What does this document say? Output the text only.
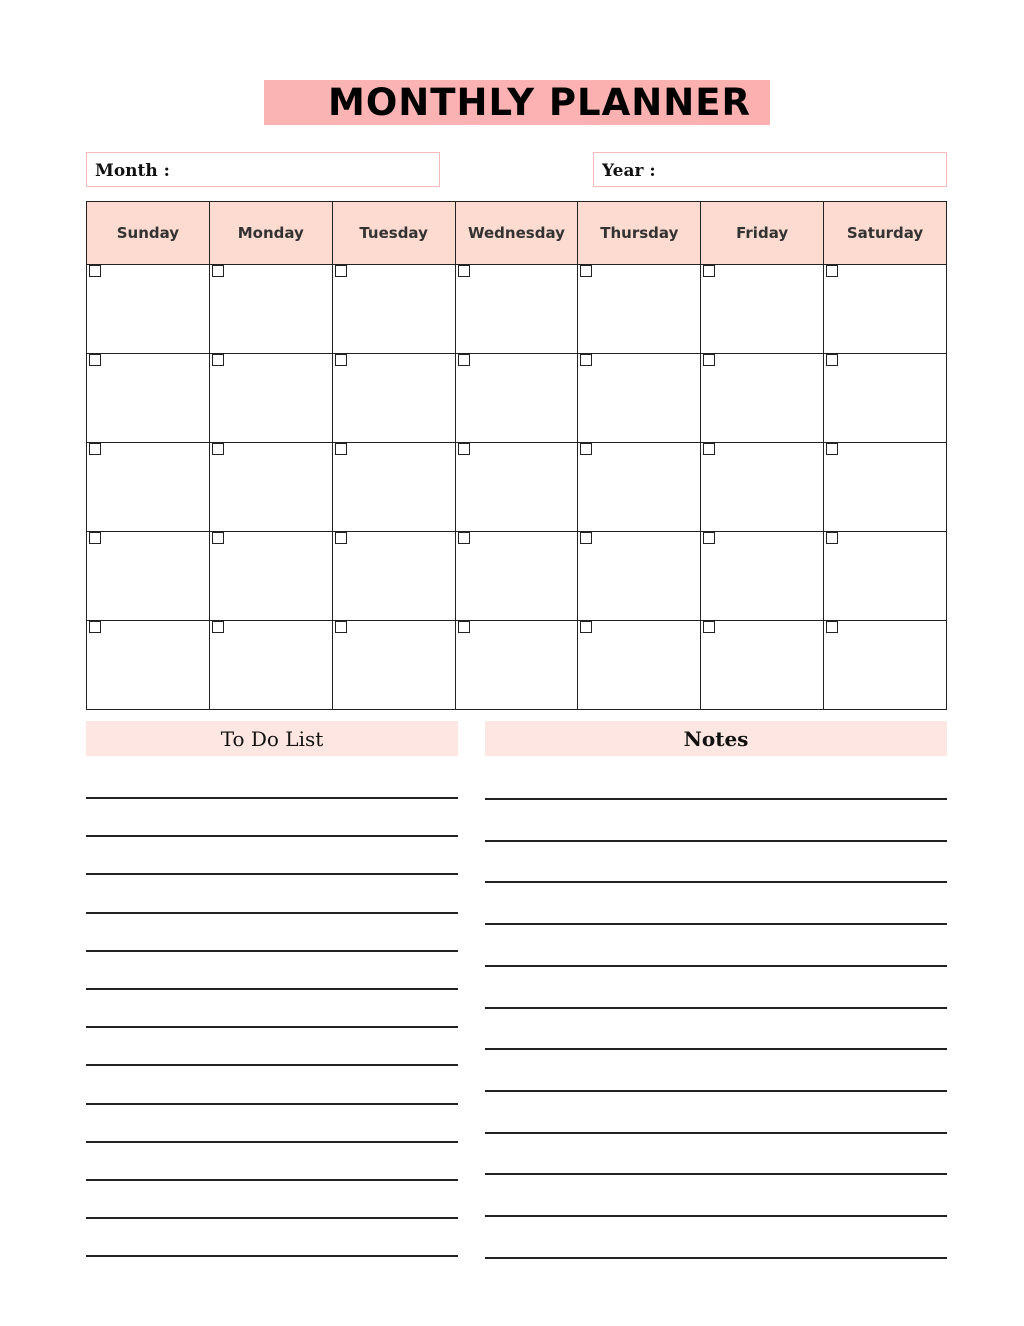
MONTHLY PLANNER
Month :	Year :
Sunday	Monday	Tuesday	Wednesday	Thursday	Friday	Saturday

To Do List	Notes
